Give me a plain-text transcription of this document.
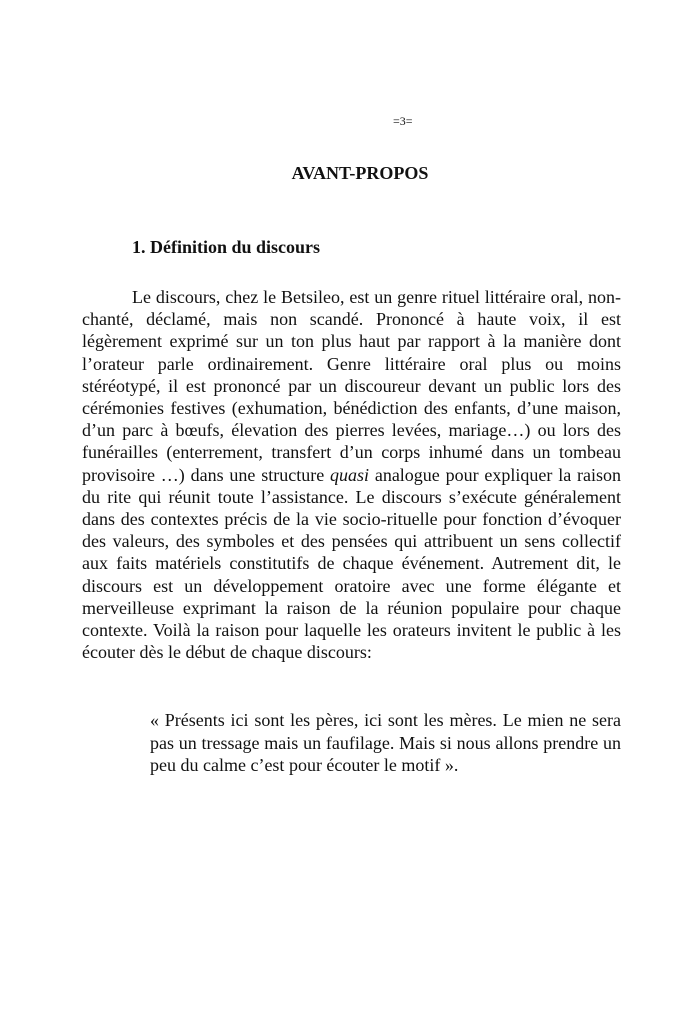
=3=
AVANT-PROPOS
1. Définition du discours

Le discours, chez le Betsileo, est un genre rituel littéraire oral, non-chanté, déclamé, mais non scandé. Prononcé à haute voix, il est légèrement exprimé sur un ton plus haut par rapport à la manière dont l’orateur parle ordinairement. Genre littéraire oral plus ou moins stéréotypé, il est prononcé par un discoureur devant un public lors des cérémonies festives (exhumation, bénédiction des enfants, d’une maison, d’un parc à bœufs, élevation des pierres levées, mariage…) ou lors des funérailles (enterrement, transfert d’un corps inhumé dans un tombeau provisoire …) dans une structure quasi analogue pour expliquer la raison du rite qui réunit toute l’assistance. Le discours s’exécute généralement dans des contextes précis de la vie socio-rituelle pour fonction d’évoquer des valeurs, des symboles et des pensées qui attribuent un sens collectif aux faits matériels constitutifs de chaque événement. Autrement dit, le discours est un développement oratoire avec une forme élégante et merveilleuse exprimant la raison de la réunion populaire pour chaque contexte. Voilà la raison pour laquelle les orateurs invitent le public à les écouter dès le début de chaque discours:

« Présents ici sont les pères, ici sont les mères. Le mien ne sera pas un tressage mais un faufilage. Mais si nous allons prendre un peu du calme c’est pour écouter le motif ».
